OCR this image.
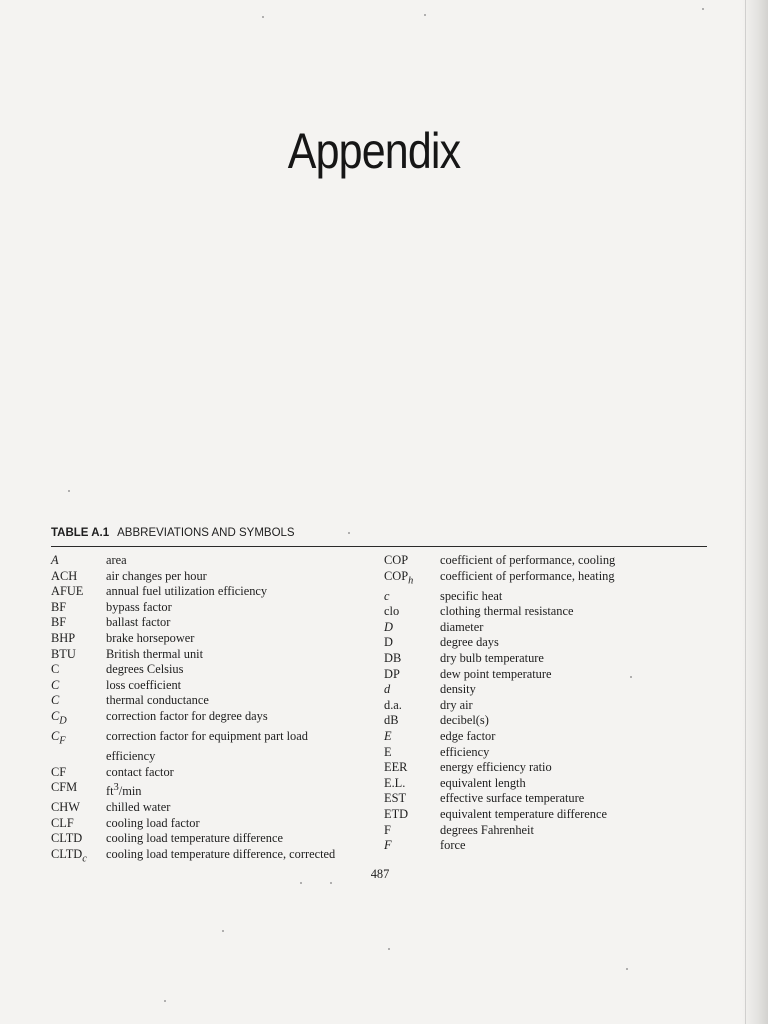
Appendix
TABLE A.1 ABBREVIATIONS AND SYMBOLS
A	area
ACH	air changes per hour
AFUE	annual fuel utilization efficiency
BF	bypass factor
BF	ballast factor
BHP	brake horsepower
BTU	British thermal unit
C	degrees Celsius
C	loss coefficient
C	thermal conductance
$C_D$	correction factor for degree days
$C_F$	correction factor for equipment part load
efficiency
CF	contact factor
CFM	$ft^3/\min$
CHW	chilled water
CLF	cooling load factor
CLTD	cooling load temperature difference
$CLTD_c$	cooling load temperature difference, corrected
COP	coefficient of performance, cooling
$COP_h$	coefficient of performance, heating
c	specific heat
clo	clothing thermal resistance
D	diameter
D	degree days
DB	dry bulb temperature
DP	dew point temperature
d	density
d.a.	dry air
dB	decibel(s)
E	edge factor
E	efficiency
EER	energy efficiency ratio
E.L.	equivalent length
EST	effective surface temperature
ETD	equivalent temperature difference
F	degrees Fahrenheit
F	force
487
